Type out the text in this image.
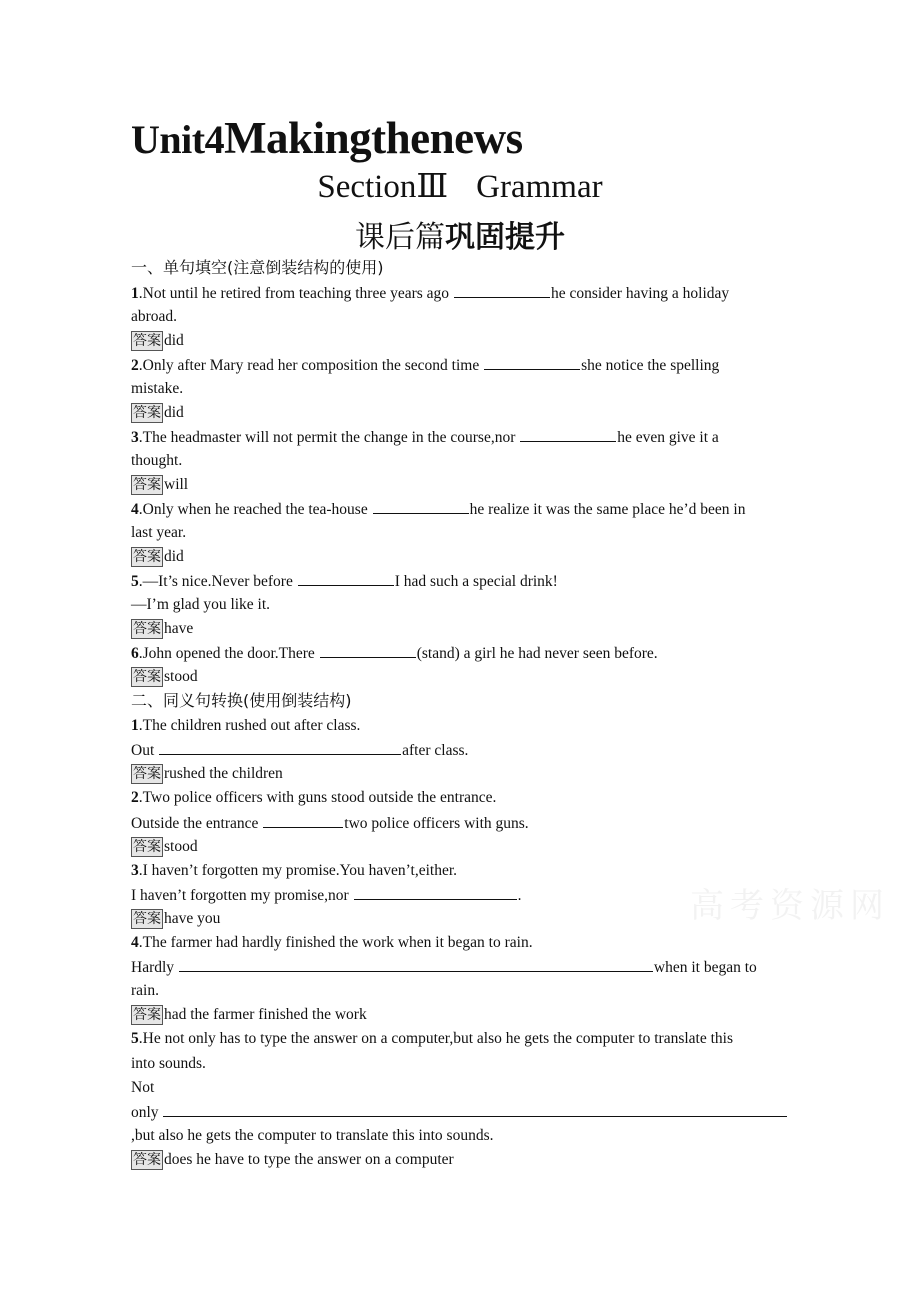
Unit4Makingthenews
SectionⅢ Grammar
课后篇巩固提升
一、单句填空(注意倒装结构的使用)
1.Not until he retired from teaching three years ago	he consider having a holiday
abroad.
答案 did
2.Only after Mary read her composition the second time	she notice the spelling
mistake.
答案 did
3.The headmaster will not permit the change in the course,nor	he even give it a
thought.
答案 will
4.Only when he reached the tea-house	he realize it was the same place he’d been in
last year.
答案 did
5.—It’s nice.Never before	I had such a special drink!
—I’m glad you like it.
答案 have
6.John opened the door.There	(stand) a girl he had never seen before.
答案 stood
二、同义句转换(使用倒装结构)
1.The children rushed out after class.
Out	after class.
答案 rushed the children
2.Two police officers with guns stood outside the entrance.
Outside the entrance	two police officers with guns.
答案 stood
3.I haven’t forgotten my promise.You haven’t,either.
I haven’t forgotten my promise,nor	.
答案 have you
4.The farmer had hardly finished the work when it began to rain.
Hardly	when it began to
rain.
答案 had the farmer finished the work
5.He not only has to type the answer on a computer,but also he gets the computer to translate this
into sounds.
Not
only
,but also he gets the computer to translate this into sounds.
答案 does he have to type the answer on a computer
高考资源网
